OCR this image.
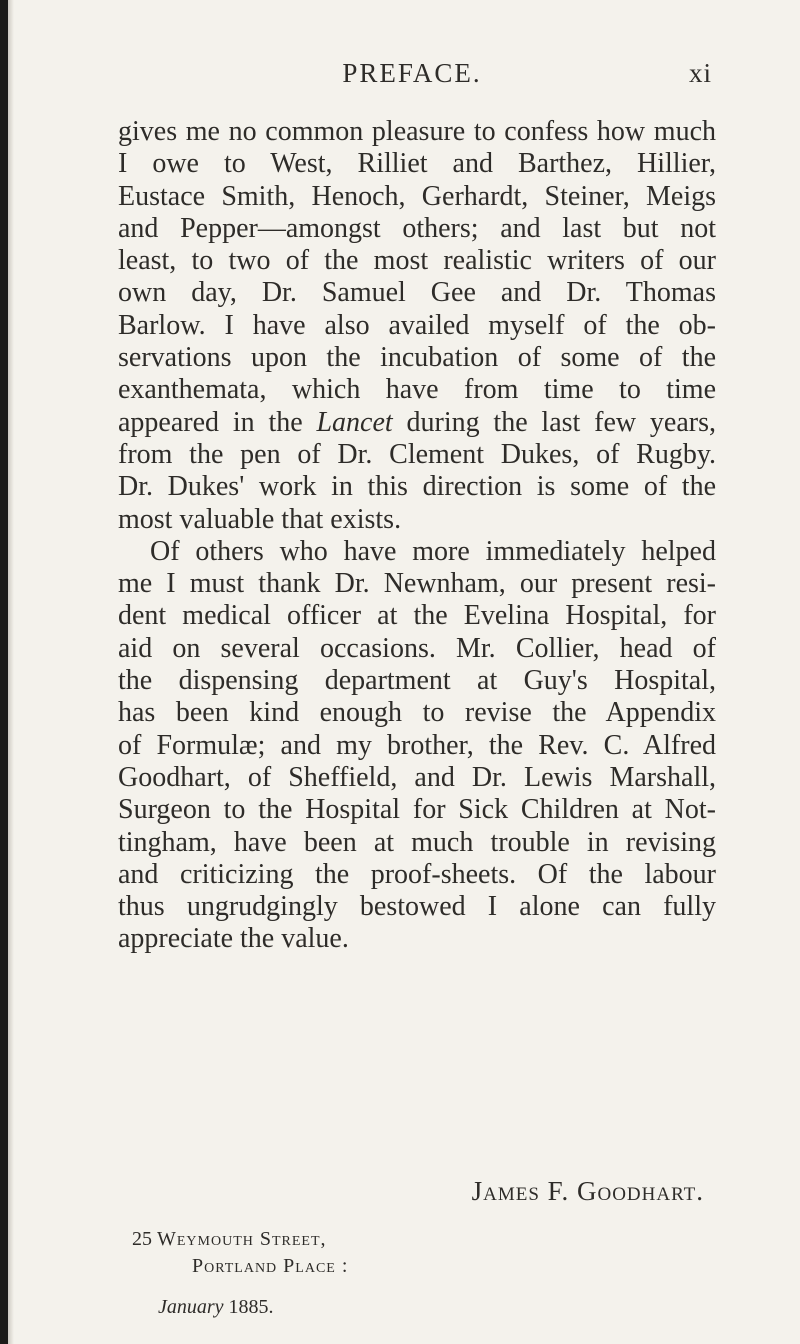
PREFACE.	xi
gives me no common pleasure to confess how much
I owe to West, Rilliet and Barthez, Hillier,
Eustace Smith, Henoch, Gerhardt, Steiner, Meigs
and Pepper—amongst others; and last but not
least, to two of the most realistic writers of our
own day, Dr. Samuel Gee and Dr. Thomas
Barlow. I have also availed myself of the ob-
servations upon the incubation of some of the
exanthemata, which have from time to time
appeared in the Lancet during the last few years,
from the pen of Dr. Clement Dukes, of Rugby.
Dr. Dukes' work in this direction is some of the
most valuable that exists.
Of others who have more immediately helped
me I must thank Dr. Newnham, our present resi-
dent medical officer at the Evelina Hospital, for
aid on several occasions. Mr. Collier, head of
the dispensing department at Guy's Hospital,
has been kind enough to revise the Appendix
of Formulæ; and my brother, the Rev. C. Alfred
Goodhart, of Sheffield, and Dr. Lewis Marshall,
Surgeon to the Hospital for Sick Children at Not-
tingham, have been at much trouble in revising
and criticizing the proof-sheets. Of the labour
thus ungrudgingly bestowed I alone can fully
appreciate the value.
James F. Goodhart.
25 Weymouth Street,
Portland Place :
January 1885.
